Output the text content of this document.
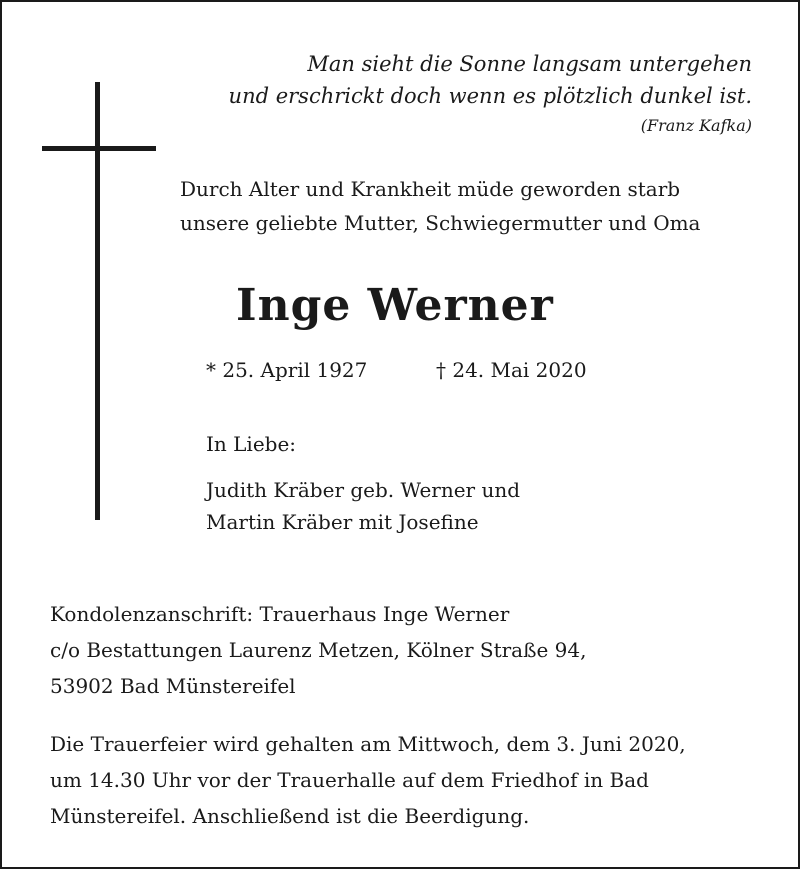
Man sieht die Sonne langsam untergehen
und erschrickt doch wenn es plötzlich dunkel ist.
(Franz Kafka)
Durch Alter und Krankheit müde geworden starb
unsere geliebte Mutter, Schwiegermutter und Oma
Inge Werner
* 25. April 1927	† 24. Mai 2020
In Liebe:
Judith Kräber geb. Werner und
Martin Kräber mit Josefine
Kondolenzanschrift: Trauerhaus Inge Werner
c/o Bestattungen Laurenz Metzen, Kölner Straße 94,
53902 Bad Münstereifel
Die Trauerfeier wird gehalten am Mittwoch, dem 3. Juni 2020,
um 14.30 Uhr vor der Trauerhalle auf dem Friedhof in Bad
Münstereifel. Anschließend ist die Beerdigung.
